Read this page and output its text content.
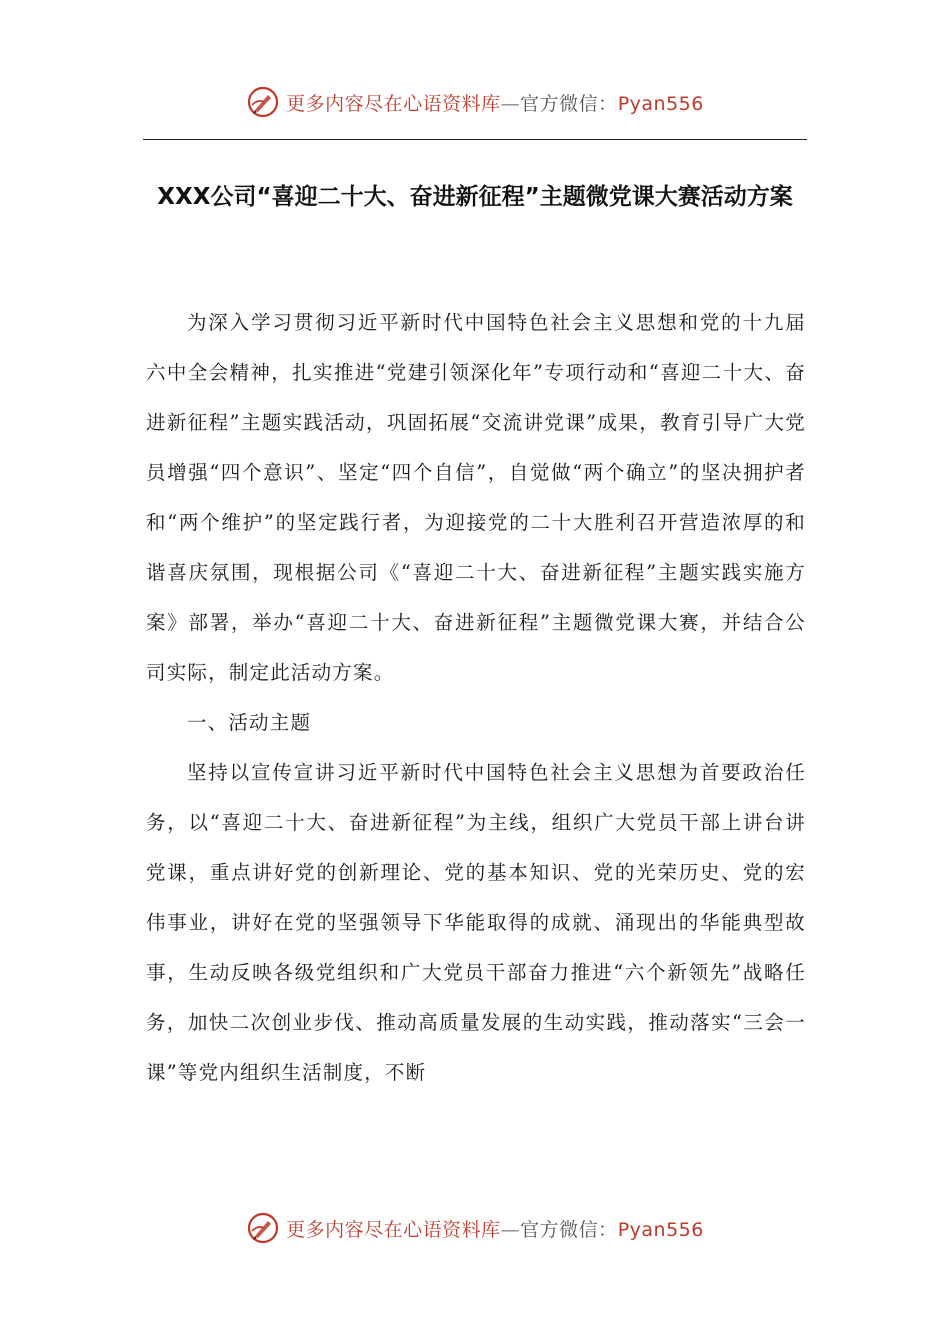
更多内容尽在心语资料库—官方微信：Pyan556
XXX公司“喜迎二十大、奋进新征程”主题微党课大赛活动方案

为深入学习贯彻习近平新时代中国特色社会主义思想和党的十九届六中全会精神，扎实推进“党建引领深化年”专项行动和“喜迎二十大、奋进新征程”主题实践活动，巩固拓展“交流讲党课”成果，教育引导广大党员增强“四个意识”、坚定“四个自信”，自觉做“两个确立”的坚决拥护者和“两个维护”的坚定践行者，为迎接党的二十大胜利召开营造浓厚的和谐喜庆氛围，现根据公司《“喜迎二十大、奋进新征程”主题实践实施方案》部署，举办“喜迎二十大、奋进新征程”主题微党课大赛，并结合公司实际，制定此活动方案。

一、活动主题

坚持以宣传宣讲习近平新时代中国特色社会主义思想为首要政治任务，以“喜迎二十大、奋进新征程”为主线，组织广大党员干部上讲台讲党课，重点讲好党的创新理论、党的基本知识、党的光荣历史、党的宏伟事业，讲好在党的坚强领导下华能取得的成就、涌现出的华能典型故事，生动反映各级党组织和广大党员干部奋力推进“六个新领先”战略任务，加快二次创业步伐、推动高质量发展的生动实践，推动落实“三会一课”等党内组织生活制度，不断

更多内容尽在心语资料库—官方微信：Pyan556
